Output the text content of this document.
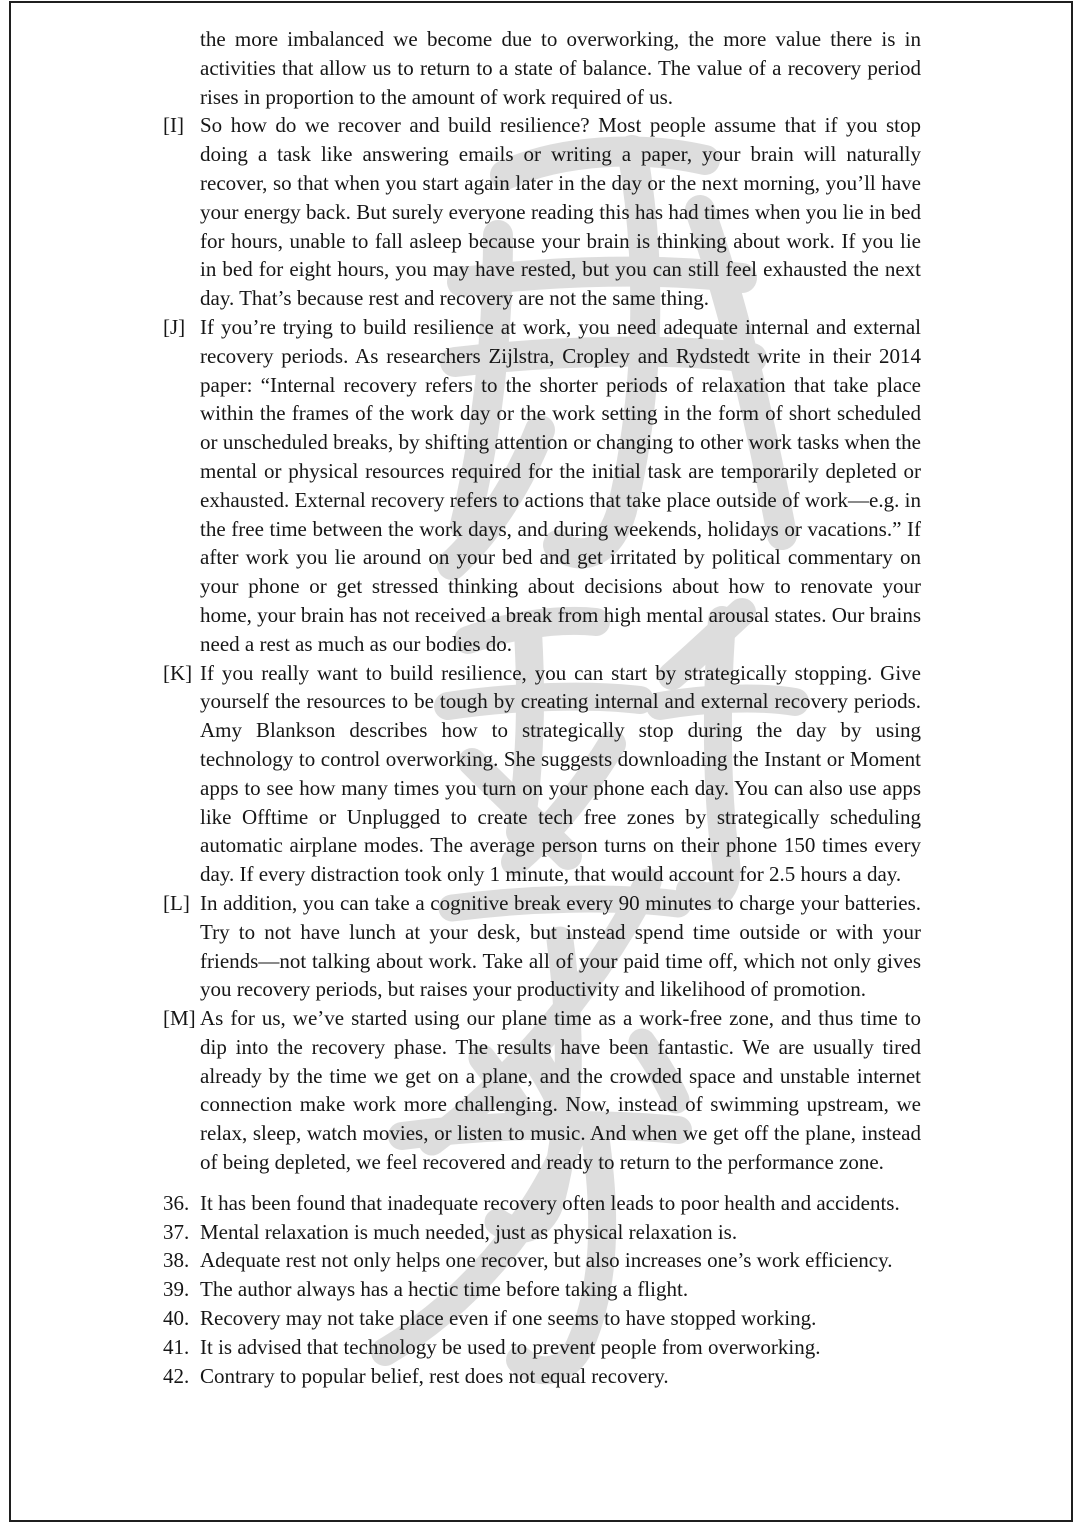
the more imbalanced we become due to overworking, the more value there is in activities that allow us to return to a state of balance. The value of a recovery period rises in proportion to the amount of work required of us.
[I] So how do we recover and build resilience? Most people assume that if you stop doing a task like answering emails or writing a paper, your brain will naturally recover, so that when you start again later in the day or the next morning, you’ll have your energy back. But surely everyone reading this has had times when you lie in bed for hours, unable to fall asleep because your brain is thinking about work. If you lie in bed for eight hours, you may have rested, but you can still feel exhausted the next day. That’s because rest and recovery are not the same thing.
[J] If you’re trying to build resilience at work, you need adequate internal and external recovery periods. As researchers Zijlstra, Cropley and Rydstedt write in their 2014 paper: “Internal recovery refers to the shorter periods of relaxation that take place within the frames of the work day or the work setting in the form of short scheduled or unscheduled breaks, by shifting attention or changing to other work tasks when the mental or physical resources required for the initial task are temporarily depleted or exhausted. External recovery refers to actions that take place outside of work—e.g. in the free time between the work days, and during weekends, holidays or vacations.” If after work you lie around on your bed and get irritated by political commentary on your phone or get stressed thinking about decisions about how to renovate your home, your brain has not received a break from high mental arousal states. Our brains need a rest as much as our bodies do.
[K] If you really want to build resilience, you can start by strategically stopping. Give yourself the resources to be tough by creating internal and external recovery periods. Amy Blankson describes how to strategically stop during the day by using technology to control overworking. She suggests downloading the Instant or Moment apps to see how many times you turn on your phone each day. You can also use apps like Offtime or Unplugged to create tech free zones by strategically scheduling automatic airplane modes. The average person turns on their phone 150 times every day. If every distraction took only 1 minute, that would account for 2.5 hours a day.
[L] In addition, you can take a cognitive break every 90 minutes to charge your batteries. Try to not have lunch at your desk, but instead spend time outside or with your friends—not talking about work. Take all of your paid time off, which not only gives you recovery periods, but raises your productivity and likelihood of promotion.
[M] As for us, we’ve started using our plane time as a work-free zone, and thus time to dip into the recovery phase. The results have been fantastic. We are usually tired already by the time we get on a plane, and the crowded space and unstable internet connection make work more challenging. Now, instead of swimming upstream, we relax, sleep, watch movies, or listen to music. And when we get off the plane, instead of being depleted, we feel recovered and ready to return to the performance zone.
36. It has been found that inadequate recovery often leads to poor health and accidents.
37. Mental relaxation is much needed, just as physical relaxation is.
38. Adequate rest not only helps one recover, but also increases one’s work efficiency.
39. The author always has a hectic time before taking a flight.
40. Recovery may not take place even if one seems to have stopped working.
41. It is advised that technology be used to prevent people from overworking.
42. Contrary to popular belief, rest does not equal recovery.
